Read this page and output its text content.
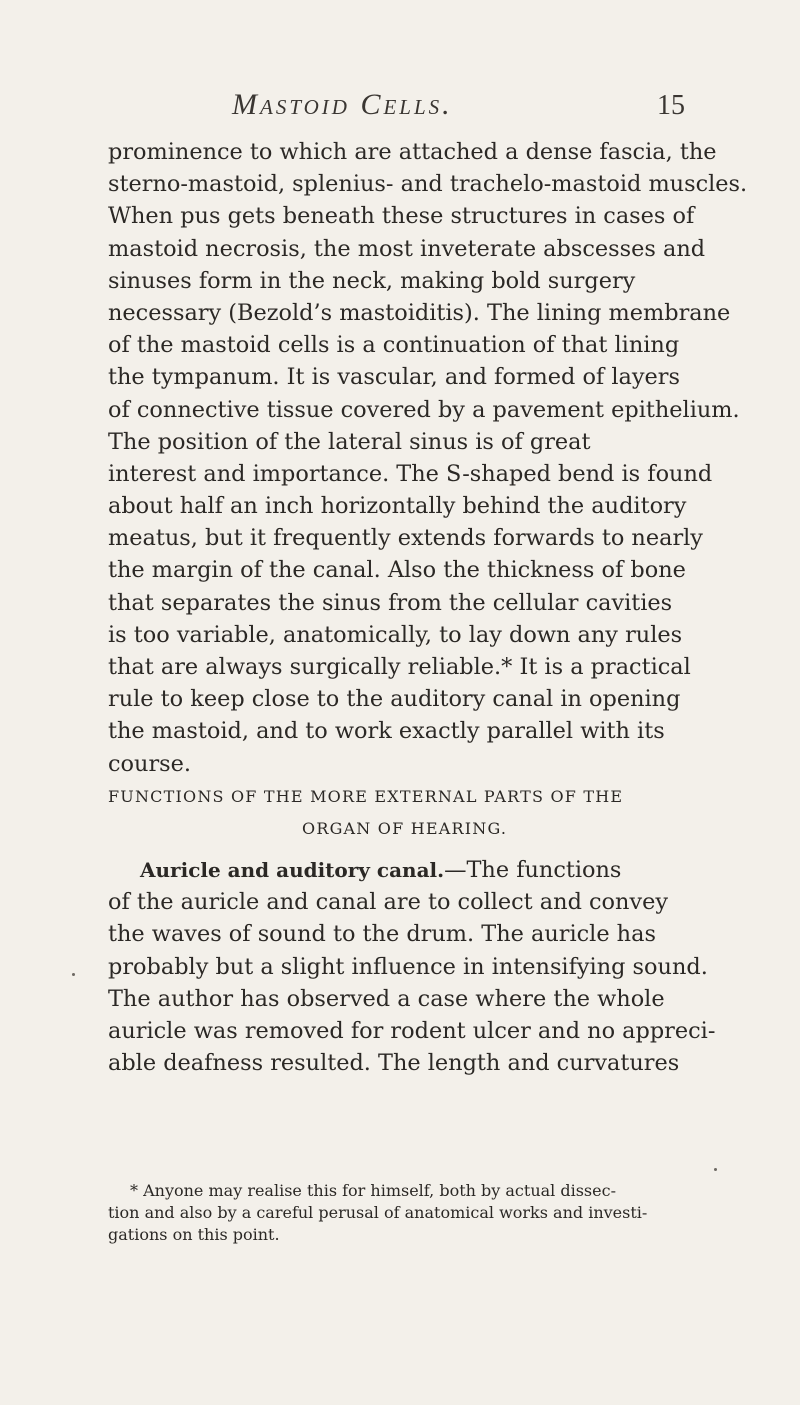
Mastoid Cells.	15
prominence to which are attached a dense fascia, the
sterno-mastoid, splenius- and trachelo-mastoid muscles.
When pus gets beneath these structures in cases of
mastoid necrosis, the most inveterate abscesses and
sinuses form in the neck, making bold surgery
necessary (Bezold’s mastoiditis). The lining membrane
of the mastoid cells is a continuation of that lining
the tympanum. It is vascular, and formed of layers
of connective tissue covered by a pavement epithelium.
The position of the lateral sinus is of great
interest and importance. The S-shaped bend is found
about half an inch horizontally behind the auditory
meatus, but it frequently extends forwards to nearly
the margin of the canal. Also the thickness of bone
that separates the sinus from the cellular cavities
is too variable, anatomically, to lay down any rules
that are always surgically reliable.* It is a practical
rule to keep close to the auditory canal in opening
the mastoid, and to work exactly parallel with its
course.
FUNCTIONS OF THE MORE EXTERNAL PARTS OF THE
ORGAN OF HEARING.
Auricle and auditory canal.—The functions
of the auricle and canal are to collect and convey
the waves of sound to the drum. The auricle has
probably but a slight influence in intensifying sound.
The author has observed a case where the whole
auricle was removed for rodent ulcer and no appreci-
able deafness resulted. The length and curvatures
* Anyone may realise this for himself, both by actual dissec-
tion and also by a careful perusal of anatomical works and investi-
gations on this point.
